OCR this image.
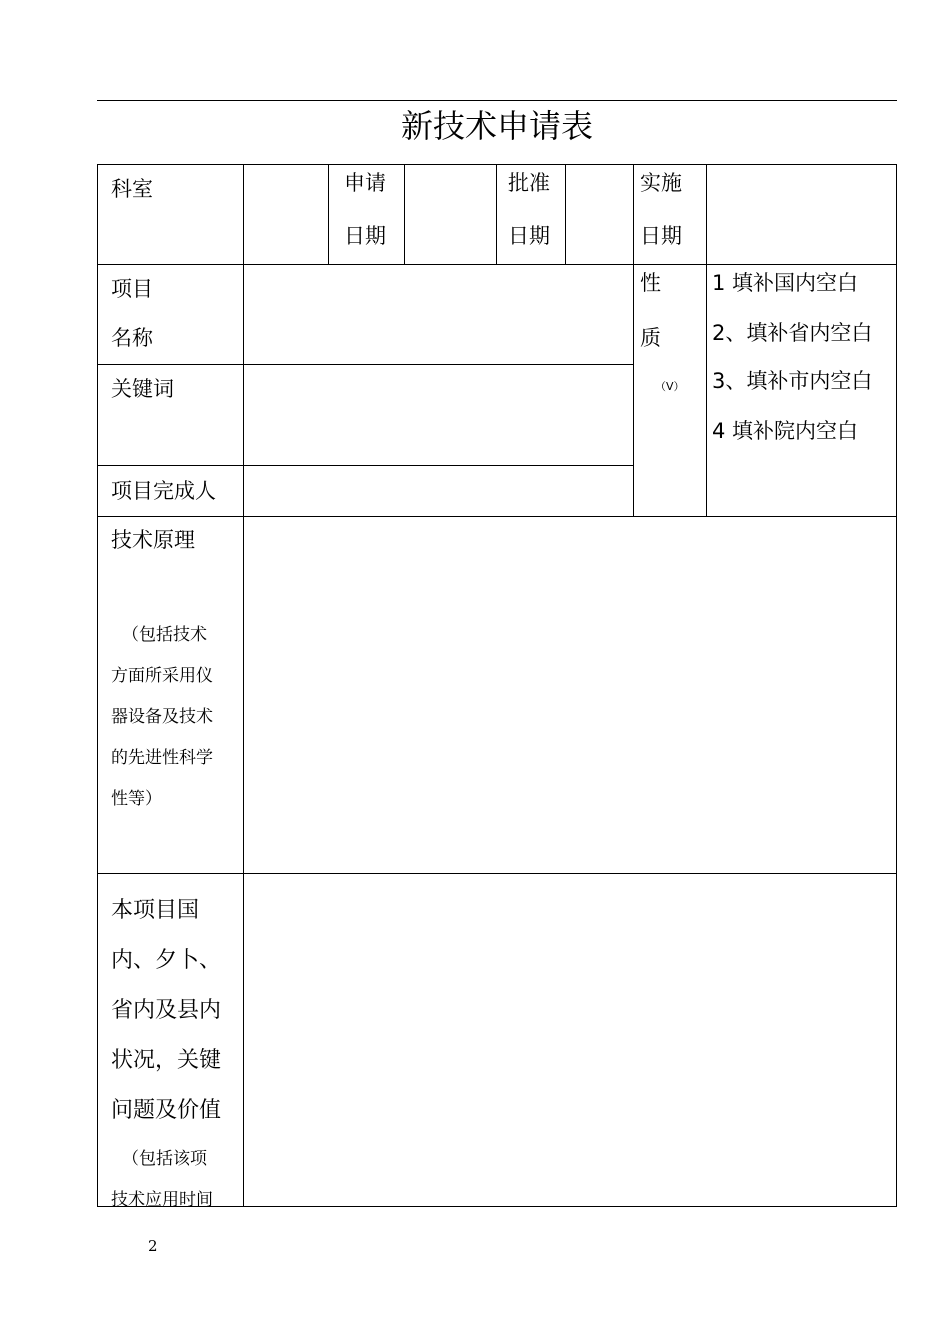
新技术申请表
科室	申请
日期
批准
日期
实施
日期
项目
名称
关键词
项目完成人
性
质
（V）
1 填补国内空白
2、填补省内空白
3、填补市内空白
4 填补院内空白
技术原理
（包括技术
方面所采用仪
器设备及技术
的先进性科学
性等）
本项目国
内、夕卜、
省内及县内
状况，关键
问题及价值
（包括该项
技术应用时间
2
